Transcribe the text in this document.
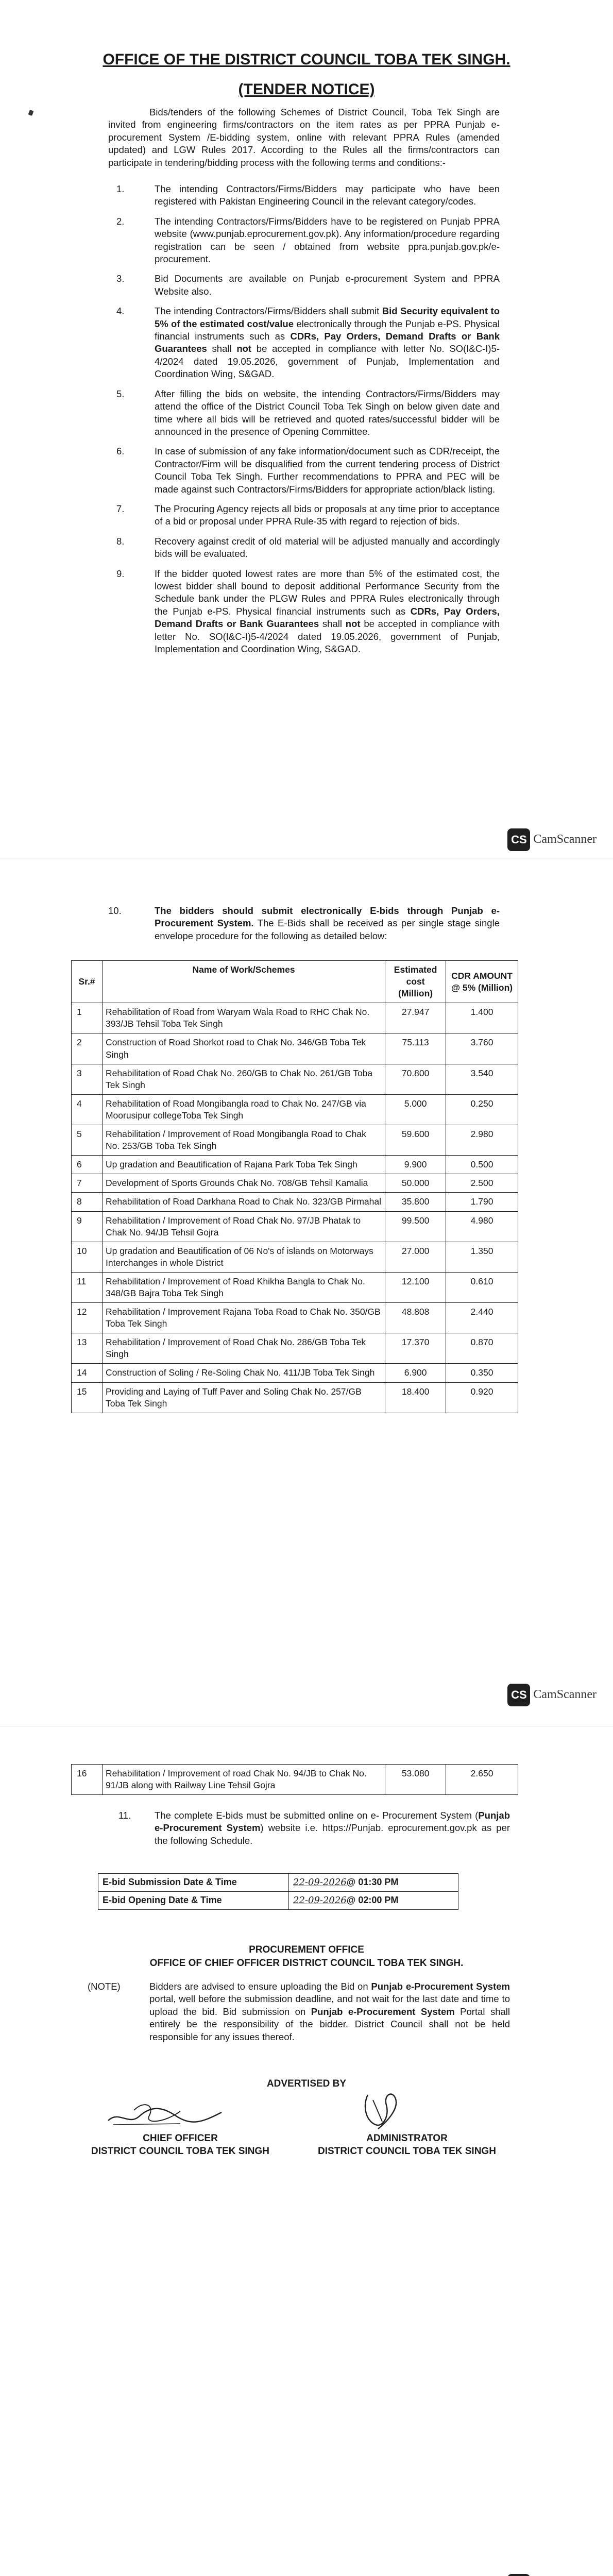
OFFICE OF THE DISTRICT COUNCIL TOBA TEK SINGH.
(TENDER NOTICE)
Bids/tenders of the following Schemes of District Council, Toba Tek Singh are invited from engineering firms/contractors on the item rates as per PPRA Punjab e-procurement System /E-bidding system, online with relevant PPRA Rules (amended updated) and LGW Rules 2017. According to the Rules all the firms/contractors can participate in tendering/bidding process with the following terms and conditions:-
1.	The intending Contractors/Firms/Bidders may participate who have been registered with Pakistan Engineering Council in the relevant category/codes.
2.	The intending Contractors/Firms/Bidders have to be registered on Punjab PPRA website (www.punjab.eprocurement.gov.pk). Any information/procedure regarding registration can be seen / obtained from website ppra.punjab.gov.pk/e-procurement.
3.	Bid Documents are available on Punjab e-procurement System and PPRA Website also.
4.	The intending Contractors/Firms/Bidders shall submit Bid Security equivalent to 5% of the estimated cost/value electronically through the Punjab e-PS. Physical financial instruments such as CDRs, Pay Orders, Demand Drafts or Bank Guarantees shall not be accepted in compliance with letter No. SO(I&C-I)5-4/2024 dated 19.05.2026, government of Punjab, Implementation and Coordination Wing, S&GAD.
5.	After filling the bids on website, the intending Contractors/Firms/Bidders may attend the office of the District Council Toba Tek Singh on below given date and time where all bids will be retrieved and quoted rates/successful bidder will be announced in the presence of Opening Committee.
6.	In case of submission of any fake information/document such as CDR/receipt, the Contractor/Firm will be disqualified from the current tendering process of District Council Toba Tek Singh. Further recommendations to PPRA and PEC will be made against such Contractors/Firms/Bidders for appropriate action/black listing.
7.	The Procuring Agency rejects all bids or proposals at any time prior to acceptance of a bid or proposal under PPRA Rule-35 with regard to rejection of bids.
8.	Recovery against credit of old material will be adjusted manually and accordingly bids will be evaluated.
9.	If the bidder quoted lowest rates are more than 5% of the estimated cost, the lowest bidder shall bound to deposit additional Performance Security from the Schedule bank under the PLGW Rules and PPRA Rules electronically through the Punjab e-PS. Physical financial instruments such as CDRs, Pay Orders, Demand Drafts or Bank Guarantees shall not be accepted in compliance with letter No. SO(I&C-I)5-4/2024 dated 19.05.2026, government of Punjab, Implementation and Coordination Wing, S&GAD.
CS CamScanner
10.	The bidders should submit electronically E-bids through Punjab e-Procurement System. The E-Bids shall be received as per single stage single envelope procedure for the following as detailed below:
Sr.#	Name of Work/Schemes	Estimated cost (Million)	CDR AMOUNT @ 5% (Million)
1	Rehabilitation of Road from Waryam Wala Road to RHC Chak No. 393/JB Tehsil Toba Tek Singh	27.947	1.400
2	Construction of Road Shorkot road to Chak No. 346/GB Toba Tek Singh	75.113	3.760
3	Rehabilitation of Road Chak No. 260/GB to Chak No. 261/GB Toba Tek Singh	70.800	3.540
4	Rehabilitation of Road Mongibangla road to Chak No. 247/GB via Moorusipur collegeToba Tek Singh	5.000	0.250
5	Rehabilitation / Improvement of Road Mongibangla Road to Chak No. 253/GB Toba Tek Singh	59.600	2.980
6	Up gradation and Beautification of Rajana Park Toba Tek Singh	9.900	0.500
7	Development of Sports Grounds Chak No. 708/GB Tehsil Kamalia	50.000	2.500
8	Rehabilitation of Road Darkhana Road to Chak No. 323/GB Pirmahal	35.800	1.790
9	Rehabilitation / Improvement of Road Chak No. 97/JB Phatak to Chak No. 94/JB Tehsil Gojra	99.500	4.980
10	Up gradation and Beautification of 06 No's of islands on Motorways Interchanges in whole District	27.000	1.350
11	Rehabilitation / Improvement of Road Khikha Bangla to Chak No. 348/GB Bajra Toba Tek Singh	12.100	0.610
12	Rehabilitation / Improvement Rajana Toba Road to Chak No. 350/GB Toba Tek Singh	48.808	2.440
13	Rehabilitation / Improvement of Road Chak No. 286/GB Toba Tek Singh	17.370	0.870
14	Construction of Soling / Re-Soling Chak No. 411/JB Toba Tek Singh	6.900	0.350
15	Providing and Laying of Tuff Paver and Soling Chak No. 257/GB Toba Tek Singh	18.400	0.920
CS CamScanner
16	Rehabilitation / Improvement of road Chak No. 94/JB to Chak No. 91/JB along with Railway Line Tehsil Gojra	53.080	2.650
11.	The complete E-bids must be submitted online on e- Procurement System (Punjab e-Procurement System) website i.e. https://Punjab. eprocurement.gov.pk as per the following Schedule.
E-bid Submission Date & Time	22-09-2026@ 01:30 PM
E-bid Opening Date & Time	22-09-2026@ 02:00 PM
PROCUREMENT OFFICE
OFFICE OF CHIEF OFFICER DISTRICT COUNCIL TOBA TEK SINGH.
(NOTE)	Bidders are advised to ensure uploading the Bid on Punjab e-Procurement System portal, well before the submission deadline, and not wait for the last date and time to upload the bid. Bid submission on Punjab e-Procurement System Portal shall entirely be the responsibility of the bidder. District Council shall not be held responsible for any issues thereof.
ADVERTISED BY
CHIEF OFFICER
DISTRICT COUNCIL TOBA TEK SINGH
ADMINISTRATOR
DISTRICT COUNCIL TOBA TEK SINGH
